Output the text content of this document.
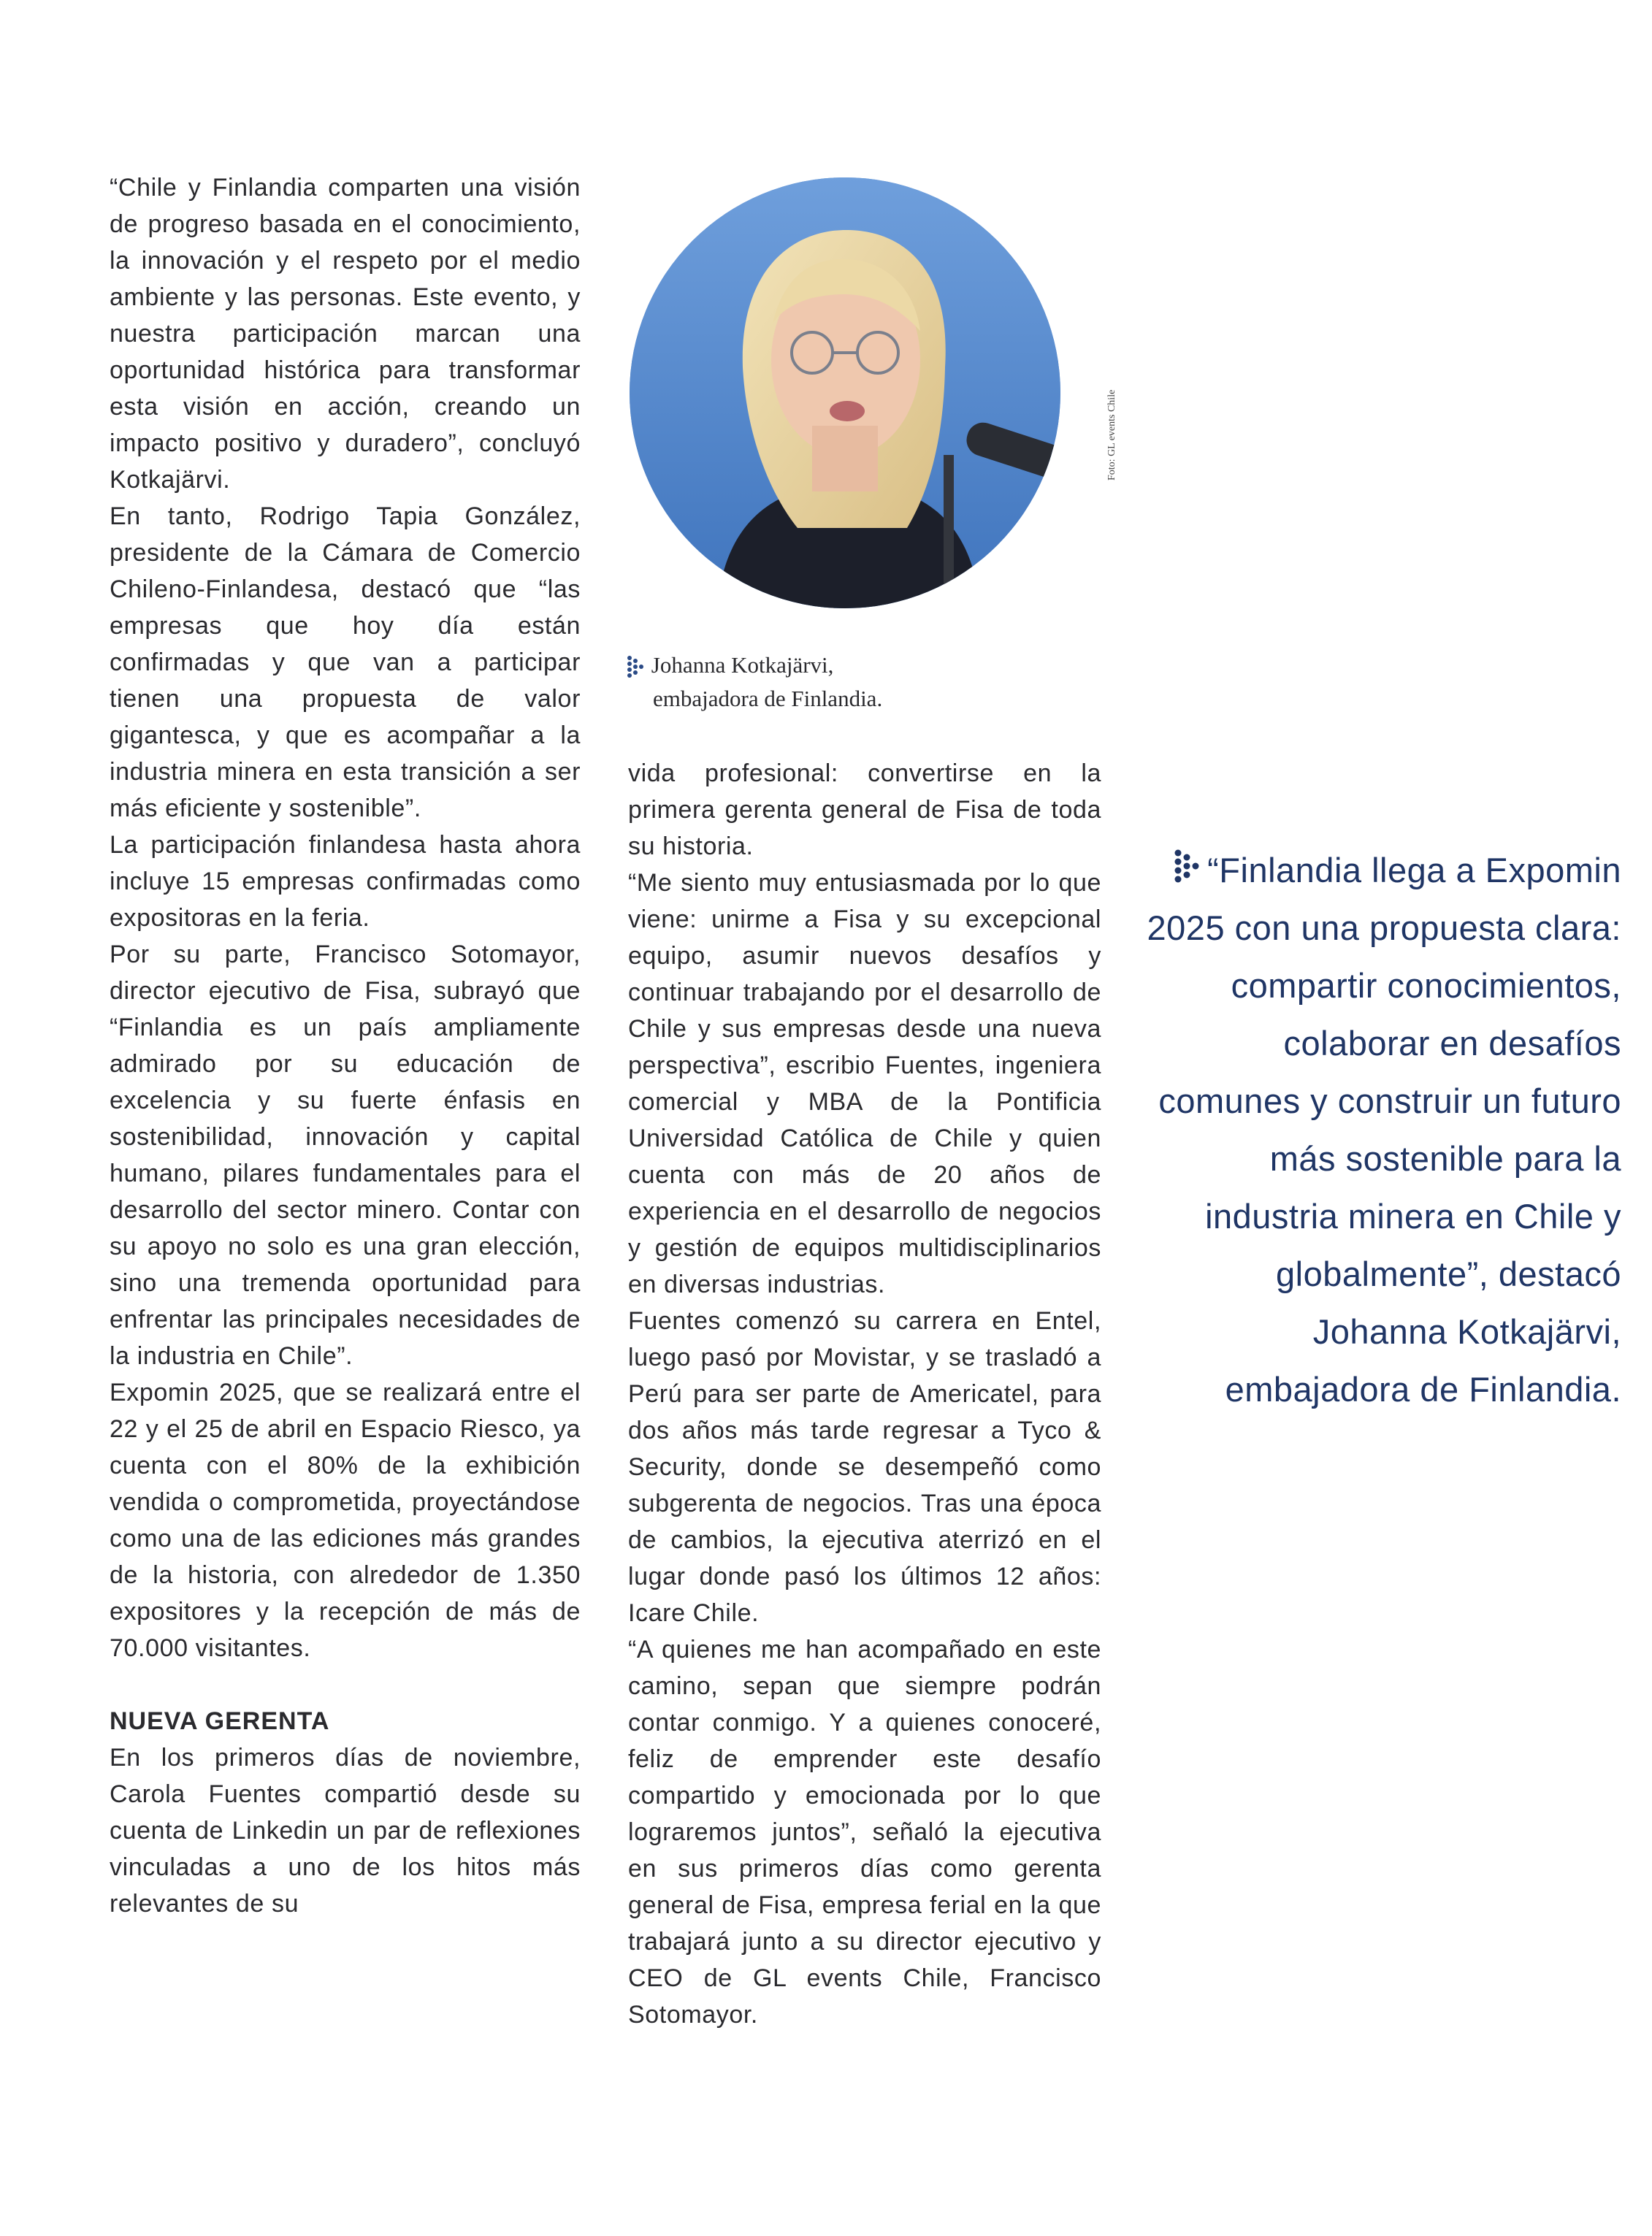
“Chile y Finlandia comparten una visión de progreso basada en el conocimiento, la innovación y el respeto por el medio ambiente y las personas. Este evento, y nuestra participación marcan una oportunidad histórica para transformar esta visión en acción, creando un impacto positivo y duradero”, concluyó Kotkajärvi.

En tanto, Rodrigo Tapia González, presidente de la Cámara de Comercio Chileno-Finlandesa, destacó que “las empresas que hoy día están confirmadas y que van a participar tienen una propuesta de valor gigantesca, y que es acompañar a la industria minera en esta transición a ser más eficiente y sostenible”.

La participación finlandesa hasta ahora incluye 15 empresas confirmadas como expositoras en la feria.

Por su parte, Francisco Sotomayor, director ejecutivo de Fisa, subrayó que “Finlandia es un país ampliamente admirado por su educación de excelencia y su fuerte énfasis en sostenibilidad, innovación y capital humano, pilares fundamentales para el desarrollo del sector minero. Contar con su apoyo no solo es una gran elección, sino una tremenda oportunidad para enfrentar las principales necesidades de la industria en Chile”.

Expomin 2025, que se realizará entre el 22 y el 25 de abril en Espacio Riesco, ya cuenta con el 80% de la exhibición vendida o comprometida, proyectándose como una de las ediciones más grandes de la historia, con alrededor de 1.350 expositores y la recepción de más de 70.000 visitantes.

NUEVA GERENTA

En los primeros días de noviembre, Carola Fuentes compartió desde su cuenta de Linkedin un par de reflexiones vinculadas a uno de los hitos más relevantes de su

Foto: GL events Chile
Johanna Kotkajärvi,
embajadora de Finlandia.

vida profesional: convertirse en la primera gerenta general de Fisa de toda su historia.

“Me siento muy entusiasmada por lo que viene: unirme a Fisa y su excepcional equipo, asumir nuevos desafíos y continuar trabajando por el desarrollo de Chile y sus empresas desde una nueva perspectiva”, escribio Fuentes, ingeniera comercial y MBA de la Pontificia Universidad Católica de Chile y quien cuenta con más de 20 años de experiencia en el desarrollo de negocios y gestión de equipos multidisciplinarios en diversas industrias.

Fuentes comenzó su carrera en Entel, luego pasó por Movistar, y se trasladó a Perú para ser parte de Americatel, para dos años más tarde regresar a Tyco & Security, donde se desempeñó como subgerenta de negocios. Tras una época de cambios, la ejecutiva aterrizó en el lugar donde pasó los últimos 12 años: Icare Chile.

“A quienes me han acompañado en este camino, sepan que siempre podrán contar conmigo. Y a quienes conoceré, feliz de emprender este desafío compartido y emocionada por lo que lograremos juntos”, señaló la ejecutiva en sus primeros días como gerenta general de Fisa, empresa ferial en la que trabajará junto a su director ejecutivo y CEO de GL events Chile, Francisco Sotomayor.

“Finlandia llega a Expomin 2025 con una propuesta clara: compartir conocimientos, colaborar en desafíos comunes y construir un futuro más sostenible para la industria minera en Chile y globalmente”, destacó Johanna Kotkajärvi, embajadora de Finlandia.
